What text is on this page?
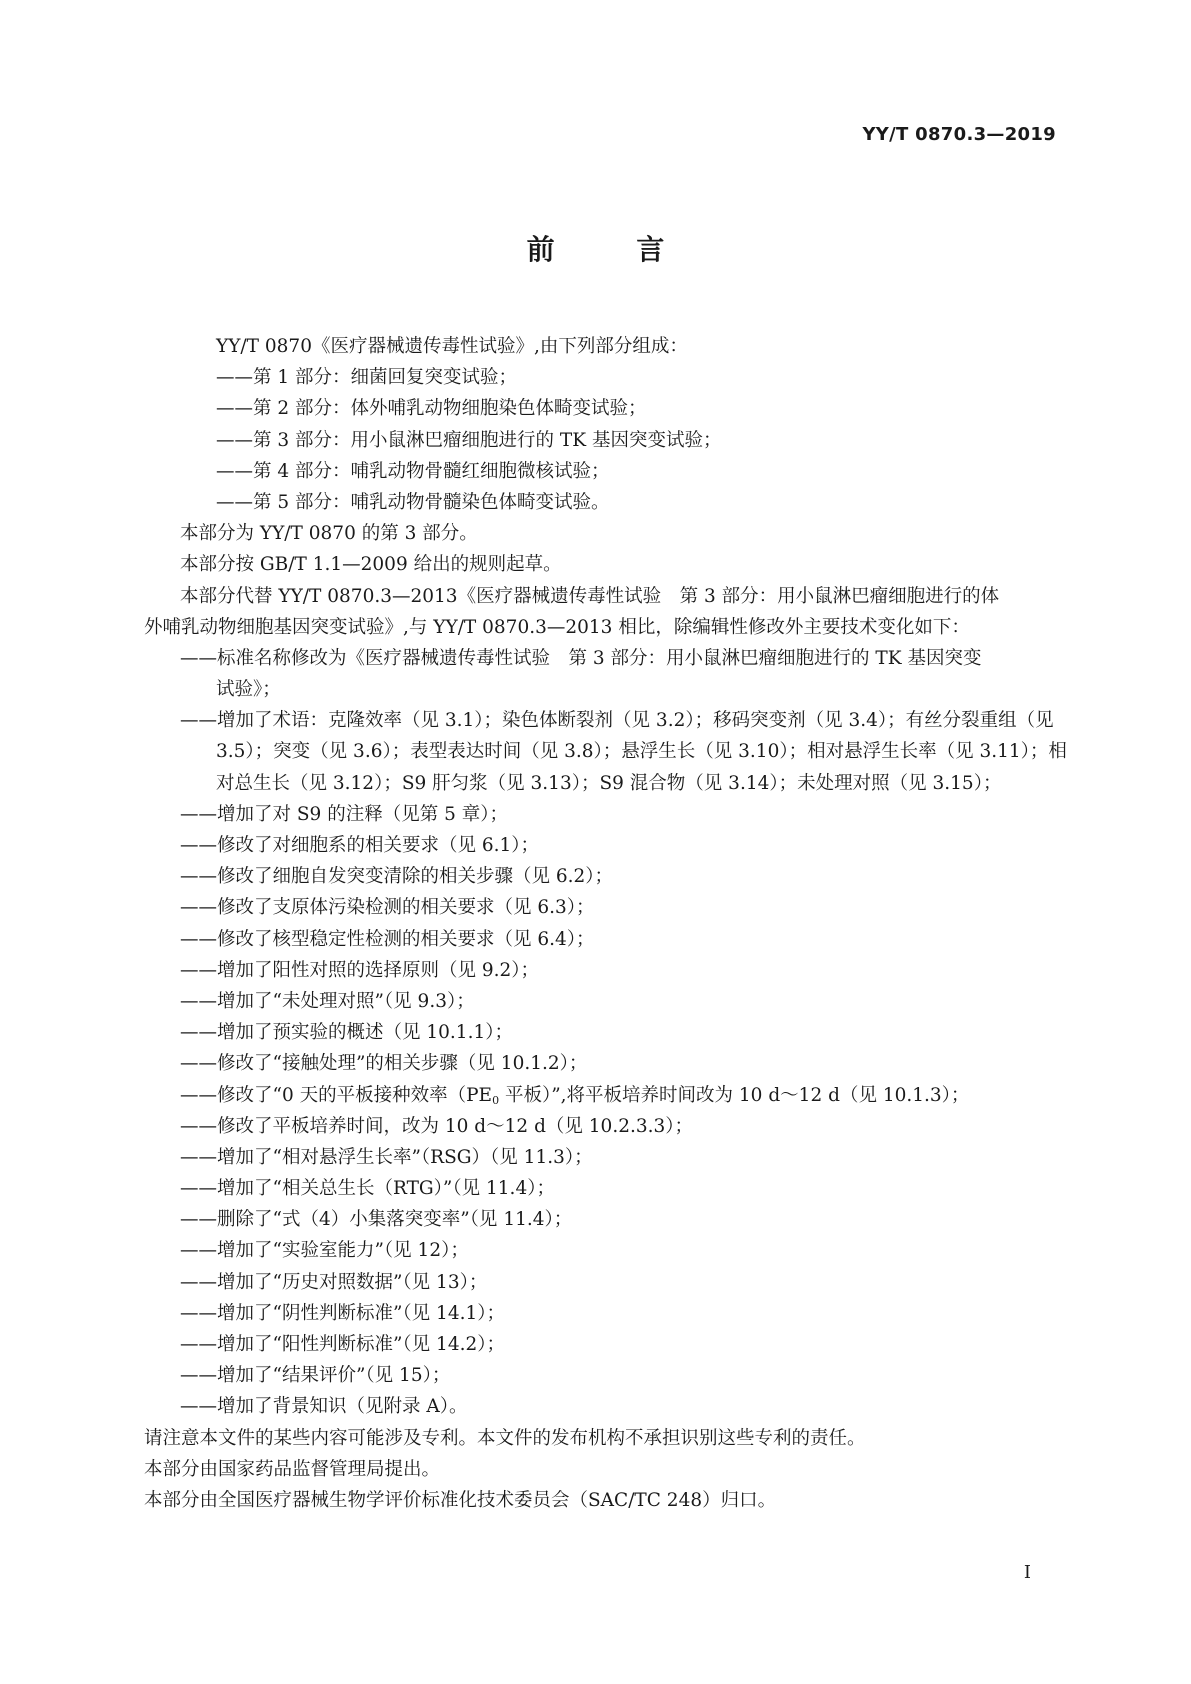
YY/T 0870.3—2019
前 言
YY/T 0870《医疗器械遗传毒性试验》,由下列部分组成：
——第 1 部分：细菌回复突变试验；
——第 2 部分：体外哺乳动物细胞染色体畸变试验；
——第 3 部分：用小鼠淋巴瘤细胞进行的 TK 基因突变试验；
——第 4 部分：哺乳动物骨髓红细胞微核试验；
——第 5 部分：哺乳动物骨髓染色体畸变试验。
本部分为 YY/T 0870 的第 3 部分。
本部分按 GB/T 1.1—2009 给出的规则起草。
本部分代替 YY/T 0870.3—2013《医疗器械遗传毒性试验　第 3 部分：用小鼠淋巴瘤细胞进行的体
外哺乳动物细胞基因突变试验》,与 YY/T 0870.3—2013 相比，除编辑性修改外主要技术变化如下：
——标准名称修改为《医疗器械遗传毒性试验　第 3 部分：用小鼠淋巴瘤细胞进行的 TK 基因突变
试验》；
——增加了术语：克隆效率（见 3.1）；染色体断裂剂（见 3.2）；移码突变剂（见 3.4）；有丝分裂重组（见
3.5）；突变（见 3.6）；表型表达时间（见 3.8）；悬浮生长（见 3.10）；相对悬浮生长率（见 3.11）；相
对总生长（见 3.12）；S9 肝匀浆（见 3.13）；S9 混合物（见 3.14）；未处理对照（见 3.15）；
——增加了对 S9 的注释（见第 5 章）；
——修改了对细胞系的相关要求（见 6.1）；
——修改了细胞自发突变清除的相关步骤（见 6.2）；
——修改了支原体污染检测的相关要求（见 6.3）；
——修改了核型稳定性检测的相关要求（见 6.4）；
——增加了阳性对照的选择原则（见 9.2）；
——增加了“未处理对照”（见 9.3）；
——增加了预实验的概述（见 10.1.1）；
——修改了“接触处理”的相关步骤（见 10.1.2）；
——修改了“0 天的平板接种效率（$PE_0$ 平板）”,将平板培养时间改为 10 d～12 d（见 10.1.3）；
——修改了平板培养时间，改为 10 d～12 d（见 10.2.3.3）；
——增加了“相对悬浮生长率”（RSG）（见 11.3）；
——增加了“相关总生长（RTG）”（见 11.4）；
——删除了“式（4）小集落突变率”（见 11.4）；
——增加了“实验室能力”（见 12）；
——增加了“历史对照数据”（见 13）；
——增加了“阴性判断标准”（见 14.1）；
——增加了“阳性判断标准”（见 14.2）；
——增加了“结果评价”（见 15）；
——增加了背景知识（见附录 A）。
请注意本文件的某些内容可能涉及专利。本文件的发布机构不承担识别这些专利的责任。
本部分由国家药品监督管理局提出。
本部分由全国医疗器械生物学评价标准化技术委员会（SAC/TC 248）归口。
I
